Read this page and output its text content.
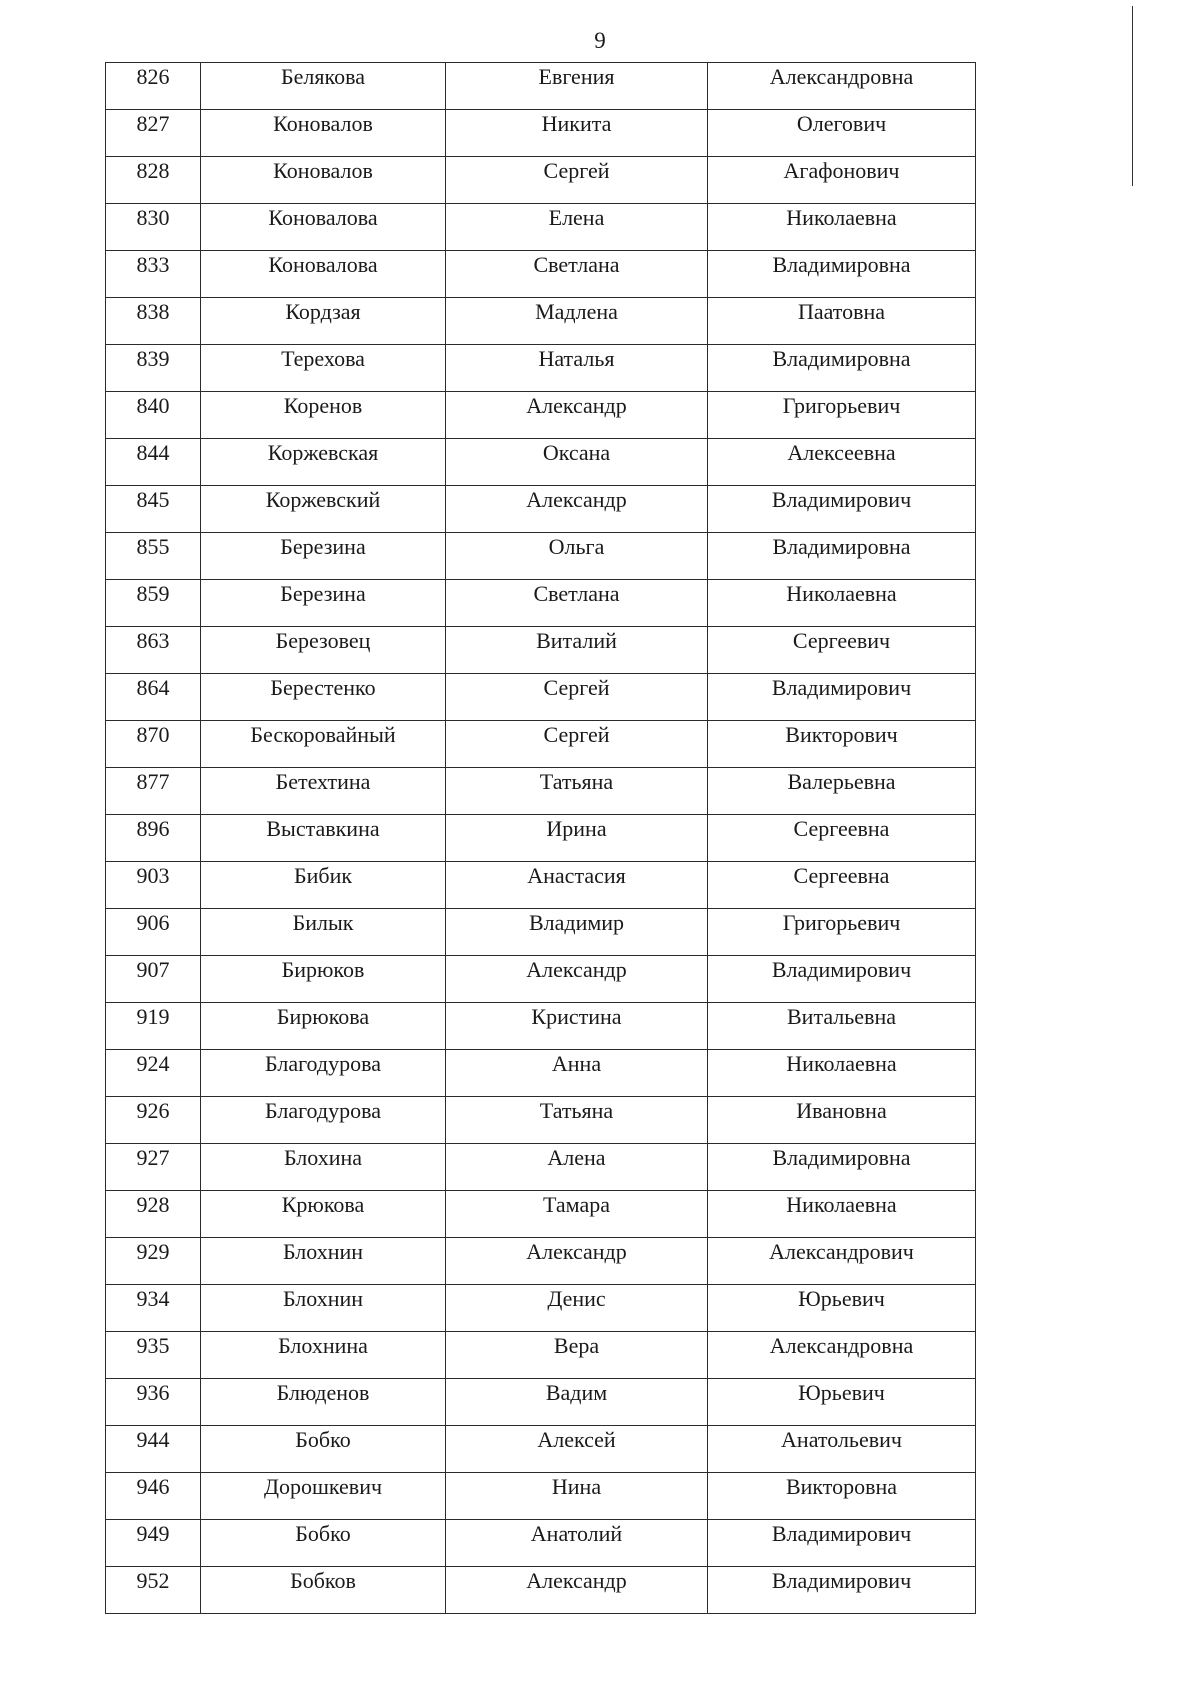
9
826	Белякова	Евгения	Александровна
827	Коновалов	Никита	Олегович
828	Коновалов	Сергей	Агафонович
830	Коновалова	Елена	Николаевна
833	Коновалова	Светлана	Владимировна
838	Кордзая	Мадлена	Паатовна
839	Терехова	Наталья	Владимировна
840	Коренов	Александр	Григорьевич
844	Коржевская	Оксана	Алексеевна
845	Коржевский	Александр	Владимирович
855	Березина	Ольга	Владимировна
859	Березина	Светлана	Николаевна
863	Березовец	Виталий	Сергеевич
864	Берестенко	Сергей	Владимирович
870	Бескоровайный	Сергей	Викторович
877	Бетехтина	Татьяна	Валерьевна
896	Выставкина	Ирина	Сергеевна
903	Бибик	Анастасия	Сергеевна
906	Билык	Владимир	Григорьевич
907	Бирюков	Александр	Владимирович
919	Бирюкова	Кристина	Витальевна
924	Благодурова	Анна	Николаевна
926	Благодурова	Татьяна	Ивановна
927	Блохина	Алена	Владимировна
928	Крюкова	Тамара	Николаевна
929	Блохнин	Александр	Александрович
934	Блохнин	Денис	Юрьевич
935	Блохнина	Вера	Александровна
936	Блюденов	Вадим	Юрьевич
944	Бобко	Алексей	Анатольевич
946	Дорошкевич	Нина	Викторовна
949	Бобко	Анатолий	Владимирович
952	Бобков	Александр	Владимирович
